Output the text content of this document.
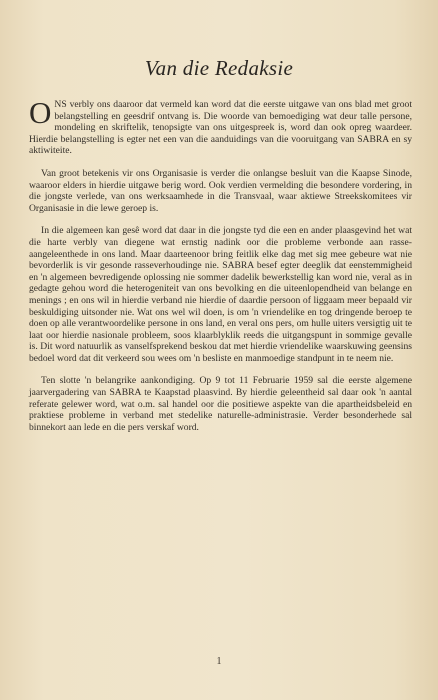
Van die Redaksie

ONS verbly ons daaroor dat vermeld kan word dat die eerste uitgawe van ons blad met groot belangstelling en geesdrif ontvang is. Die woorde van bemoediging wat deur talle persone, mondeling en skriftelik, tenopsigte van ons uitgespreek is, word dan ook opreg waardeer. Hierdie belangstelling is egter net een van die aanduidings van die vooruitgang van SABRA en sy aktiwiteite.

Van groot betekenis vir ons Organisasie is verder die onlangse besluit van die Kaapse Sinode, waaroor elders in hierdie uitgawe berig word. Ook verdien vermelding die besondere vordering, in die jongste verlede, van ons werksaamhede in die Transvaal, waar aktiewe Streekskomitees vir Organisasie in die lewe geroep is.

In die algemeen kan gesê word dat daar in die jongste tyd die een en ander plaasgevind het wat die harte verbly van diegene wat ernstig nadink oor die probleme verbonde aan rasse-aangeleenthede in ons land. Maar daarteenoor bring feitlik elke dag met sig mee gebeure wat nie bevorderlik is vir gesonde rasseverhoudinge nie. SABRA besef egter deeglik dat eenstemmigheid en 'n algemeen bevredigende oplossing nie sommer dadelik bewerkstellig kan word nie, veral as in gedagte gehou word die heterogeniteit van ons bevolking en die uiteenlopendheid van belange en menings ; en ons wil in hierdie verband nie hierdie of daardie persoon of liggaam meer bepaald vir beskuldiging uitsonder nie. Wat ons wel wil doen, is om 'n vriendelike en tog dringende beroep te doen op alle verantwoordelike persone in ons land, en veral ons pers, om hulle uiters versigtig uit te laat oor hierdie nasionale probleem, soos klaarblyklik reeds die uitgangspunt in sommige gevalle is. Dit word natuurlik as vanselfsprekend beskou dat met hierdie vriendelike waarskuwing geensins bedoel word dat dit verkeerd sou wees om 'n besliste en manmoedige standpunt in te neem nie.

Ten slotte 'n belangrike aankondiging. Op 9 tot 11 Februarie 1959 sal die eerste algemene jaarvergadering van SABRA te Kaapstad plaasvind. By hierdie geleentheid sal daar ook 'n aantal referate gelewer word, wat o.m. sal handel oor die positiewe aspekte van die apartheidsbeleid en praktiese probleme in verband met stedelike naturelle-administrasie. Verder besonderhede sal binnekort aan lede en die pers verskaf word.

1
